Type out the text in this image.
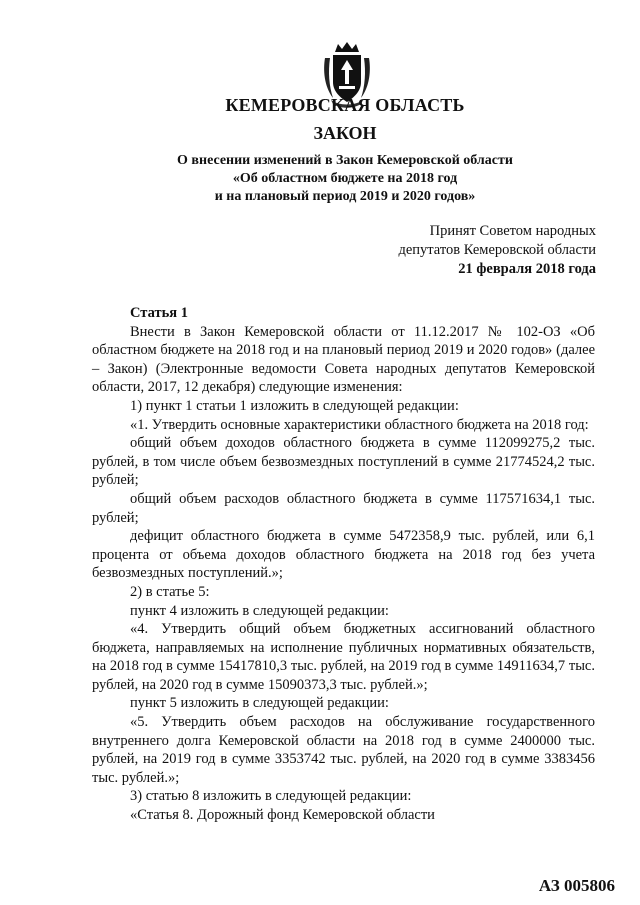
КЕМЕРОВСКАЯ ОБЛАСТЬ
ЗАКОН
О внесении изменений в Закон Кемеровской области
«Об областном бюджете на 2018 год
и на плановый период 2019 и 2020 годов»
Принят Советом народных
депутатов Кемеровской области
21 февраля 2018 года

Статья 1

Внести в Закон Кемеровской области от 11.12.2017 № 102-ОЗ «Об областном бюджете на 2018 год и на плановый период 2019 и 2020 годов» (далее – Закон) (Электронные ведомости Совета народных депутатов Кемеровской области, 2017, 12 декабря) следующие изменения:

1) пункт 1 статьи 1 изложить в следующей редакции:

«1. Утвердить основные характеристики областного бюджета на 2018 год:

общий объем доходов областного бюджета в сумме 112099275,2 тыс. рублей, в том числе объем безвозмездных поступлений в сумме 21774524,2 тыс. рублей;

общий объем расходов областного бюджета в сумме 117571634,1 тыс. рублей;

дефицит областного бюджета в сумме 5472358,9 тыс. рублей, или 6,1 процента от объема доходов областного бюджета на 2018 год без учета безвозмездных поступлений.»;

2) в статье 5:

пункт 4 изложить в следующей редакции:

«4. Утвердить общий объем бюджетных ассигнований областного бюджета, направляемых на исполнение публичных нормативных обязательств, на 2018 год в сумме 15417810,3 тыс. рублей, на 2019 год в сумме 14911634,7 тыс. рублей, на 2020 год в сумме 15090373,3 тыс. рублей.»;

пункт 5 изложить в следующей редакции:

«5. Утвердить объем расходов на обслуживание государственного внутреннего долга Кемеровской области на 2018 год в сумме 2400000 тыс. рублей, на 2019 год в сумме 3353742 тыс. рублей, на 2020 год в сумме 3383456 тыс. рублей.»;

3) статью 8 изложить в следующей редакции:

«Статья 8. Дорожный фонд Кемеровской области

АЗ 005806
